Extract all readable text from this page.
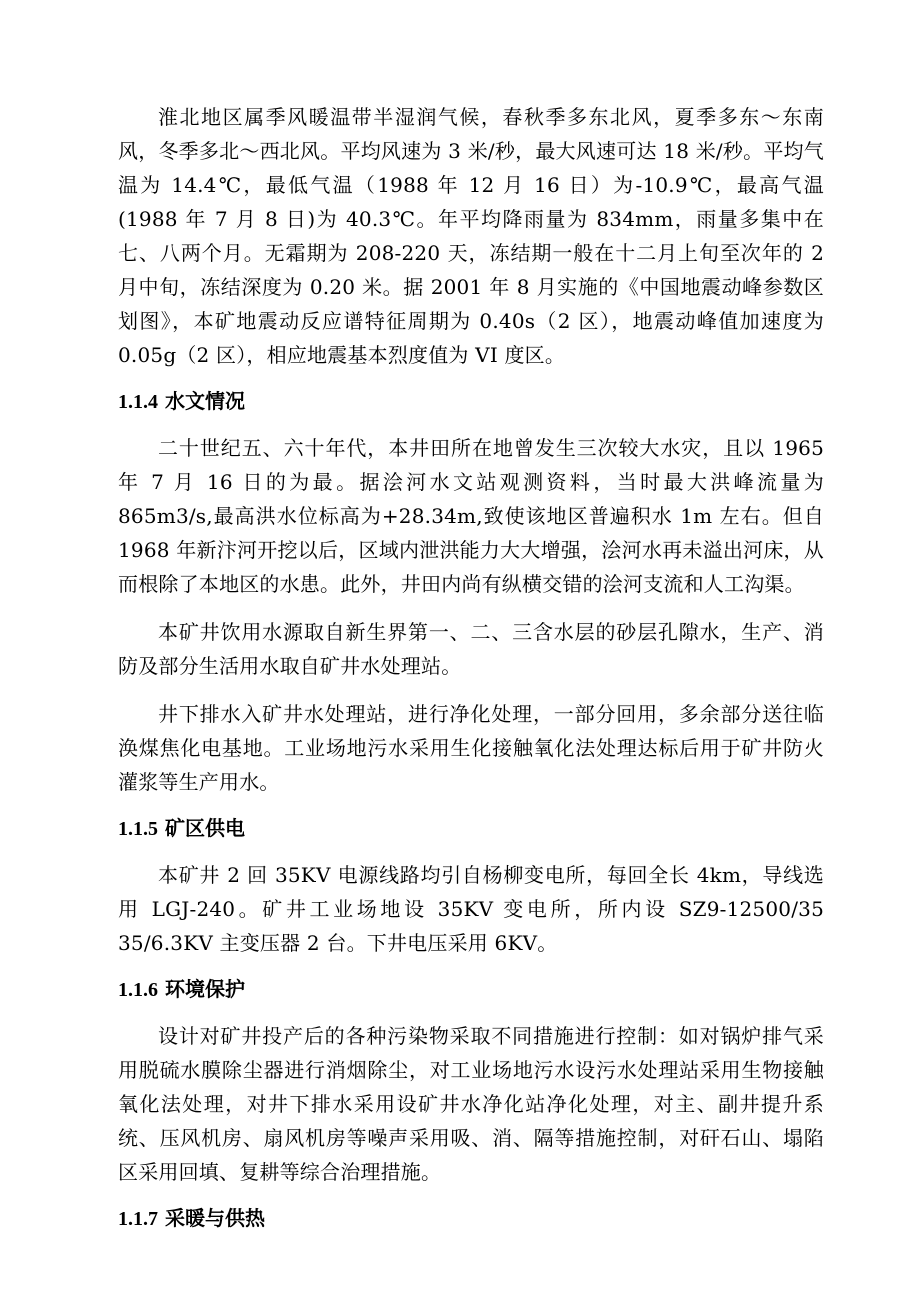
淮北地区属季风暖温带半湿润气候，春秋季多东北风，夏季多东～东南风，冬季多北～西北风。平均风速为 3 米/秒，最大风速可达 18 米/秒。平均气温为 14.4℃，最低气温（1988 年 12 月 16 日）为-10.9℃，最高气温(1988 年 7 月 8 日)为 40.3℃。年平均降雨量为 834mm，雨量多集中在七、八两个月。无霜期为 208-220 天，冻结期一般在十二月上旬至次年的 2 月中旬，冻结深度为 0.20 米。据 2001 年 8 月实施的《中国地震动峰参数区划图》，本矿地震动反应谱特征周期为 0.40s（2 区），地震动峰值加速度为 0.05g（2 区），相应地震基本烈度值为 VI 度区。

1.1.4 水文情况

二十世纪五、六十年代，本井田所在地曾发生三次较大水灾，且以 1965 年 7 月 16 日的为最。据浍河水文站观测资料，当时最大洪峰流量为 865m3/s,最高洪水位标高为+28.34m,致使该地区普遍积水 1m 左右。但自 1968 年新汴河开挖以后，区域内泄洪能力大大增强，浍河水再未溢出河床，从而根除了本地区的水患。此外，井田内尚有纵横交错的浍河支流和人工沟渠。

本矿井饮用水源取自新生界第一、二、三含水层的砂层孔隙水，生产、消防及部分生活用水取自矿井水处理站。

井下排水入矿井水处理站，进行净化处理，一部分回用，多余部分送往临涣煤焦化电基地。工业场地污水采用生化接触氧化法处理达标后用于矿井防火灌浆等生产用水。

1.1.5 矿区供电

本矿井 2 回 35KV 电源线路均引自杨柳变电所，每回全长 4km，导线选用 LGJ-240。矿井工业场地设 35KV 变电所，所内设 SZ9-12500/35　35/6.3KV 主变压器 2 台。下井电压采用 6KV。

1.1.6 环境保护

设计对矿井投产后的各种污染物采取不同措施进行控制：如对锅炉排气采用脱硫水膜除尘器进行消烟除尘，对工业场地污水设污水处理站采用生物接触氧化法处理，对井下排水采用设矿井水净化站净化处理，对主、副井提升系统、压风机房、扇风机房等噪声采用吸、消、隔等措施控制，对矸石山、塌陷区采用回填、复耕等综合治理措施。

1.1.7 采暖与供热
